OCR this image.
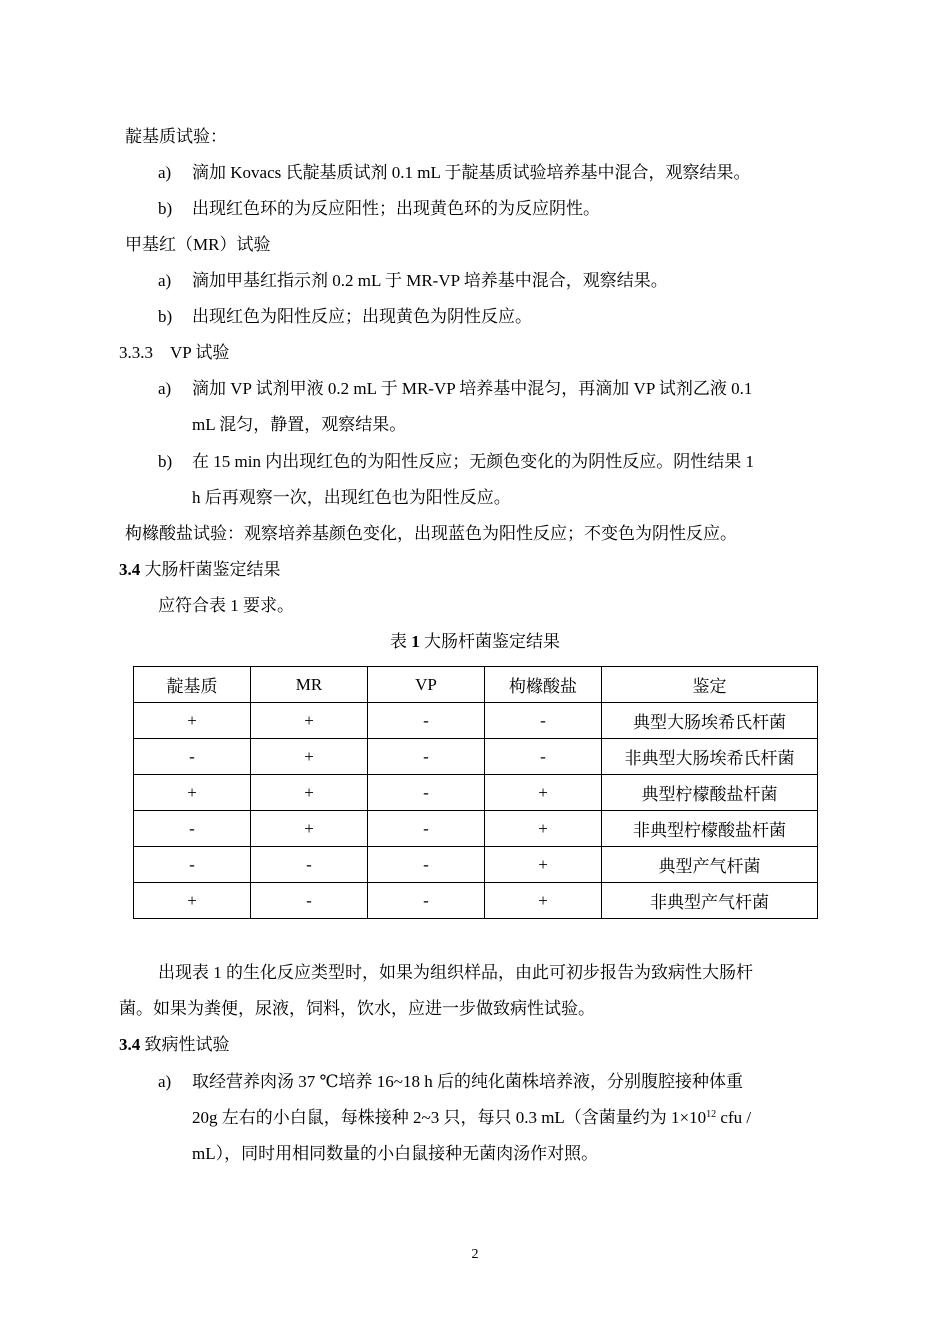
靛基质试验：
a) 滴加 Kovacs 氏靛基质试剂 0.1 mL 于靛基质试验培养基中混合，观察结果。
b) 出现红色环的为反应阳性；出现黄色环的为反应阴性。
甲基红（MR）试验
a) 滴加甲基红指示剂 0.2 mL 于 MR-VP 培养基中混合，观察结果。
b) 出现红色为阳性反应；出现黄色为阴性反应。
3.3.3　VP 试验
a) 滴加 VP 试剂甲液 0.2 mL 于 MR-VP 培养基中混匀，再滴加 VP 试剂乙液 0.1
mL 混匀，静置，观察结果。
b) 在 15 min 内出现红色的为阳性反应；无颜色变化的为阴性反应。阴性结果 1
h 后再观察一次，出现红色也为阳性反应。
枸橼酸盐试验：观察培养基颜色变化，出现蓝色为阳性反应；不变色为阴性反应。
3.4 大肠杆菌鉴定结果
应符合表 1 要求。
表 1 大肠杆菌鉴定结果
靛基质	MR	VP	枸橼酸盐	鉴定
+	+	-	-	典型大肠埃希氏杆菌
-	+	-	-	非典型大肠埃希氏杆菌
+	+	-	+	典型柠檬酸盐杆菌
-	+	-	+	非典型柠檬酸盐杆菌
-	-	-	+	典型产气杆菌
+	-	-	+	非典型产气杆菌
出现表 1 的生化反应类型时，如果为组织样品，由此可初步报告为致病性大肠杆
菌。如果为粪便，尿液，饲料，饮水，应进一步做致病性试验。
3.4 致病性试验
a) 取经营养肉汤 37 ℃培养 16~18 h 后的纯化菌株培养液，分别腹腔接种体重
20g 左右的小白鼠，每株接种 2~3 只，每只 0.3 mL（含菌量约为 $1\times 10^{12}$ cfu /
mL），同时用相同数量的小白鼠接种无菌肉汤作对照。
2
